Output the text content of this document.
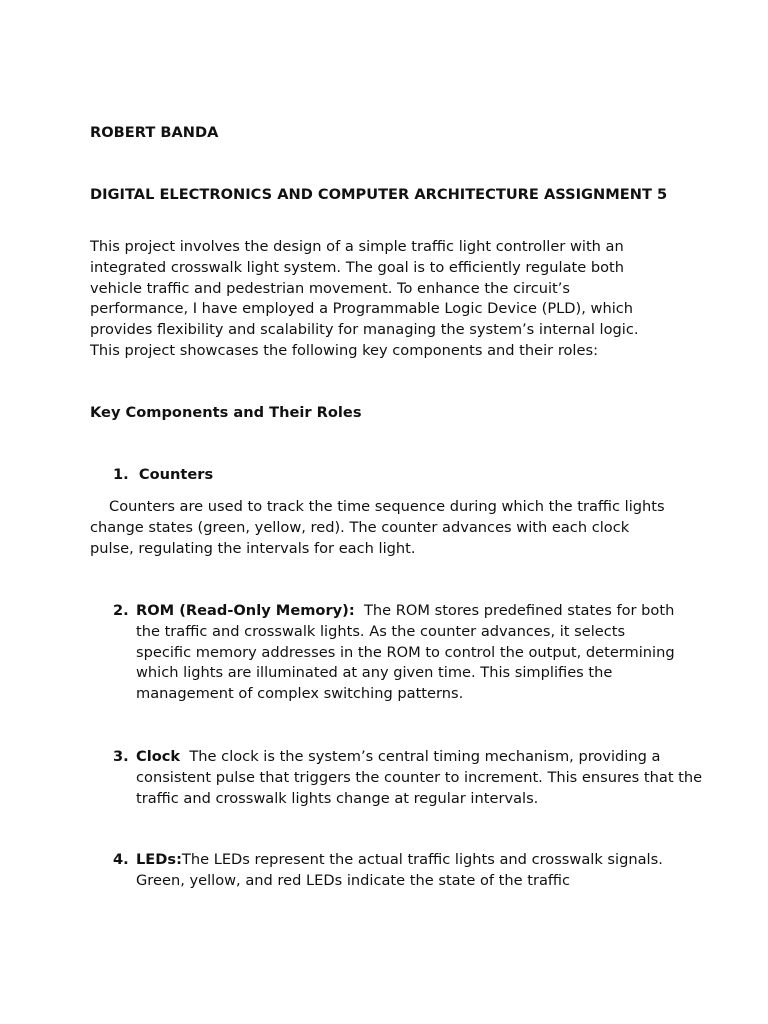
ROBERT BANDA

DIGITAL ELECTRONICS AND COMPUTER ARCHITECTURE ASSIGNMENT 5

This project involves the design of a simple traffic light controller with an integrated crosswalk light system. The goal is to efficiently regulate both vehicle traffic and pedestrian movement. To enhance the circuit’s performance, I have employed a Programmable Logic Device (PLD), which provides flexibility and scalability for managing the system’s internal logic. This project showcases the following key components and their roles:

Key Components and Their Roles

1. Counters

Counters are used to track the time sequence during which the traffic lights change states (green, yellow, red). The counter advances with each clock pulse, regulating the intervals for each light.

2. ROM (Read-Only Memory): The ROM stores predefined states for both the traffic and crosswalk lights. As the counter advances, it selects specific memory addresses in the ROM to control the output, determining which lights are illuminated at any given time. This simplifies the management of complex switching patterns.

3. Clock The clock is the system’s central timing mechanism, providing a consistent pulse that triggers the counter to increment. This ensures that the traffic and crosswalk lights change at regular intervals.

4. LEDs:The LEDs represent the actual traffic lights and crosswalk signals. Green, yellow, and red LEDs indicate the state of the traffic
